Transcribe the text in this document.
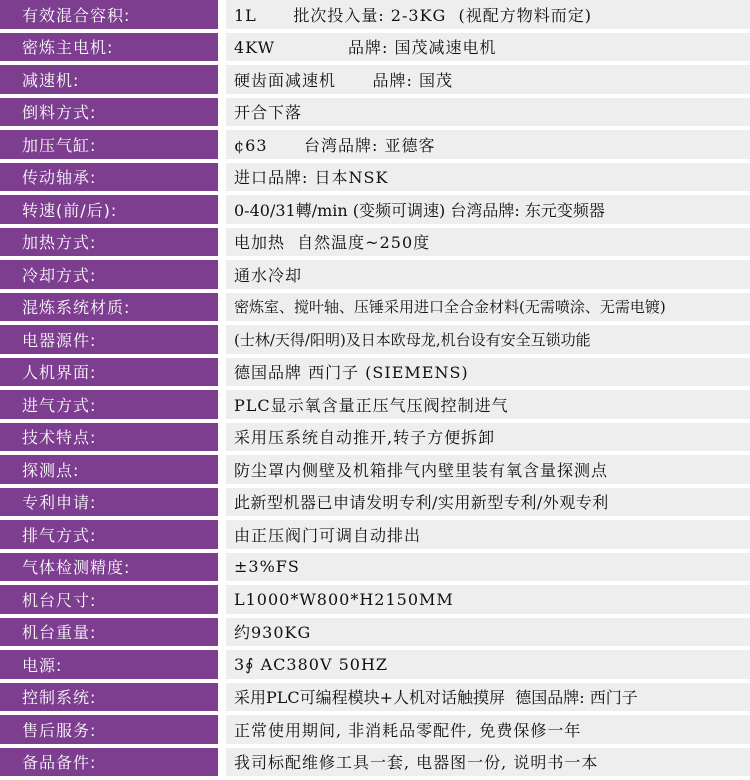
有效混合容积:	1L      批次投入量: 2-3KG  (视配方物料而定)
密炼主电机:	4KW            品牌: 国茂减速电机
减速机:	硬齿面减速机      品牌: 国茂
倒料方式:	开合下落
加压气缸:	¢63      台湾品牌: 亚德客
传动轴承:	进口品牌: 日本NSK
转速(前/后):	0-40/31轉/min (变频可调速) 台湾品牌: 东元变频器
加热方式:	电加热  自然温度~250度
冷却方式:	通水冷却
混炼系统材质:	密炼室、搅叶轴、压锤采用进口全合金材料(无需喷涂、无需电镀)
电器源件:	(士林/天得/阳明)及日本欧母龙,机台设有安全互锁功能
人机界面:	德国品牌 西门子 (SIEMENS)
进气方式:	PLC显示氧含量正压气压阀控制进气
技术特点:	采用压系统自动推开,转子方便拆卸
探测点:	防尘罩内侧壁及机箱排气内壁里装有氧含量探测点
专利申请:	此新型机器已申请发明专利/实用新型专利/外观专利
排气方式:	由正压阀门可调自动排出
气体检测精度:	±3%FS
机台尺寸:	L1000*W800*H2150MM
机台重量:	约930KG
电源:	3∮ AC380V 50HZ
控制系统:	采用PLC可编程模块+人机对话触摸屏  德国品牌: 西门子
售后服务:	正常使用期间, 非消耗品零配件, 免费保修一年
备品备件:	我司标配维修工具一套, 电器图一份, 说明书一本
